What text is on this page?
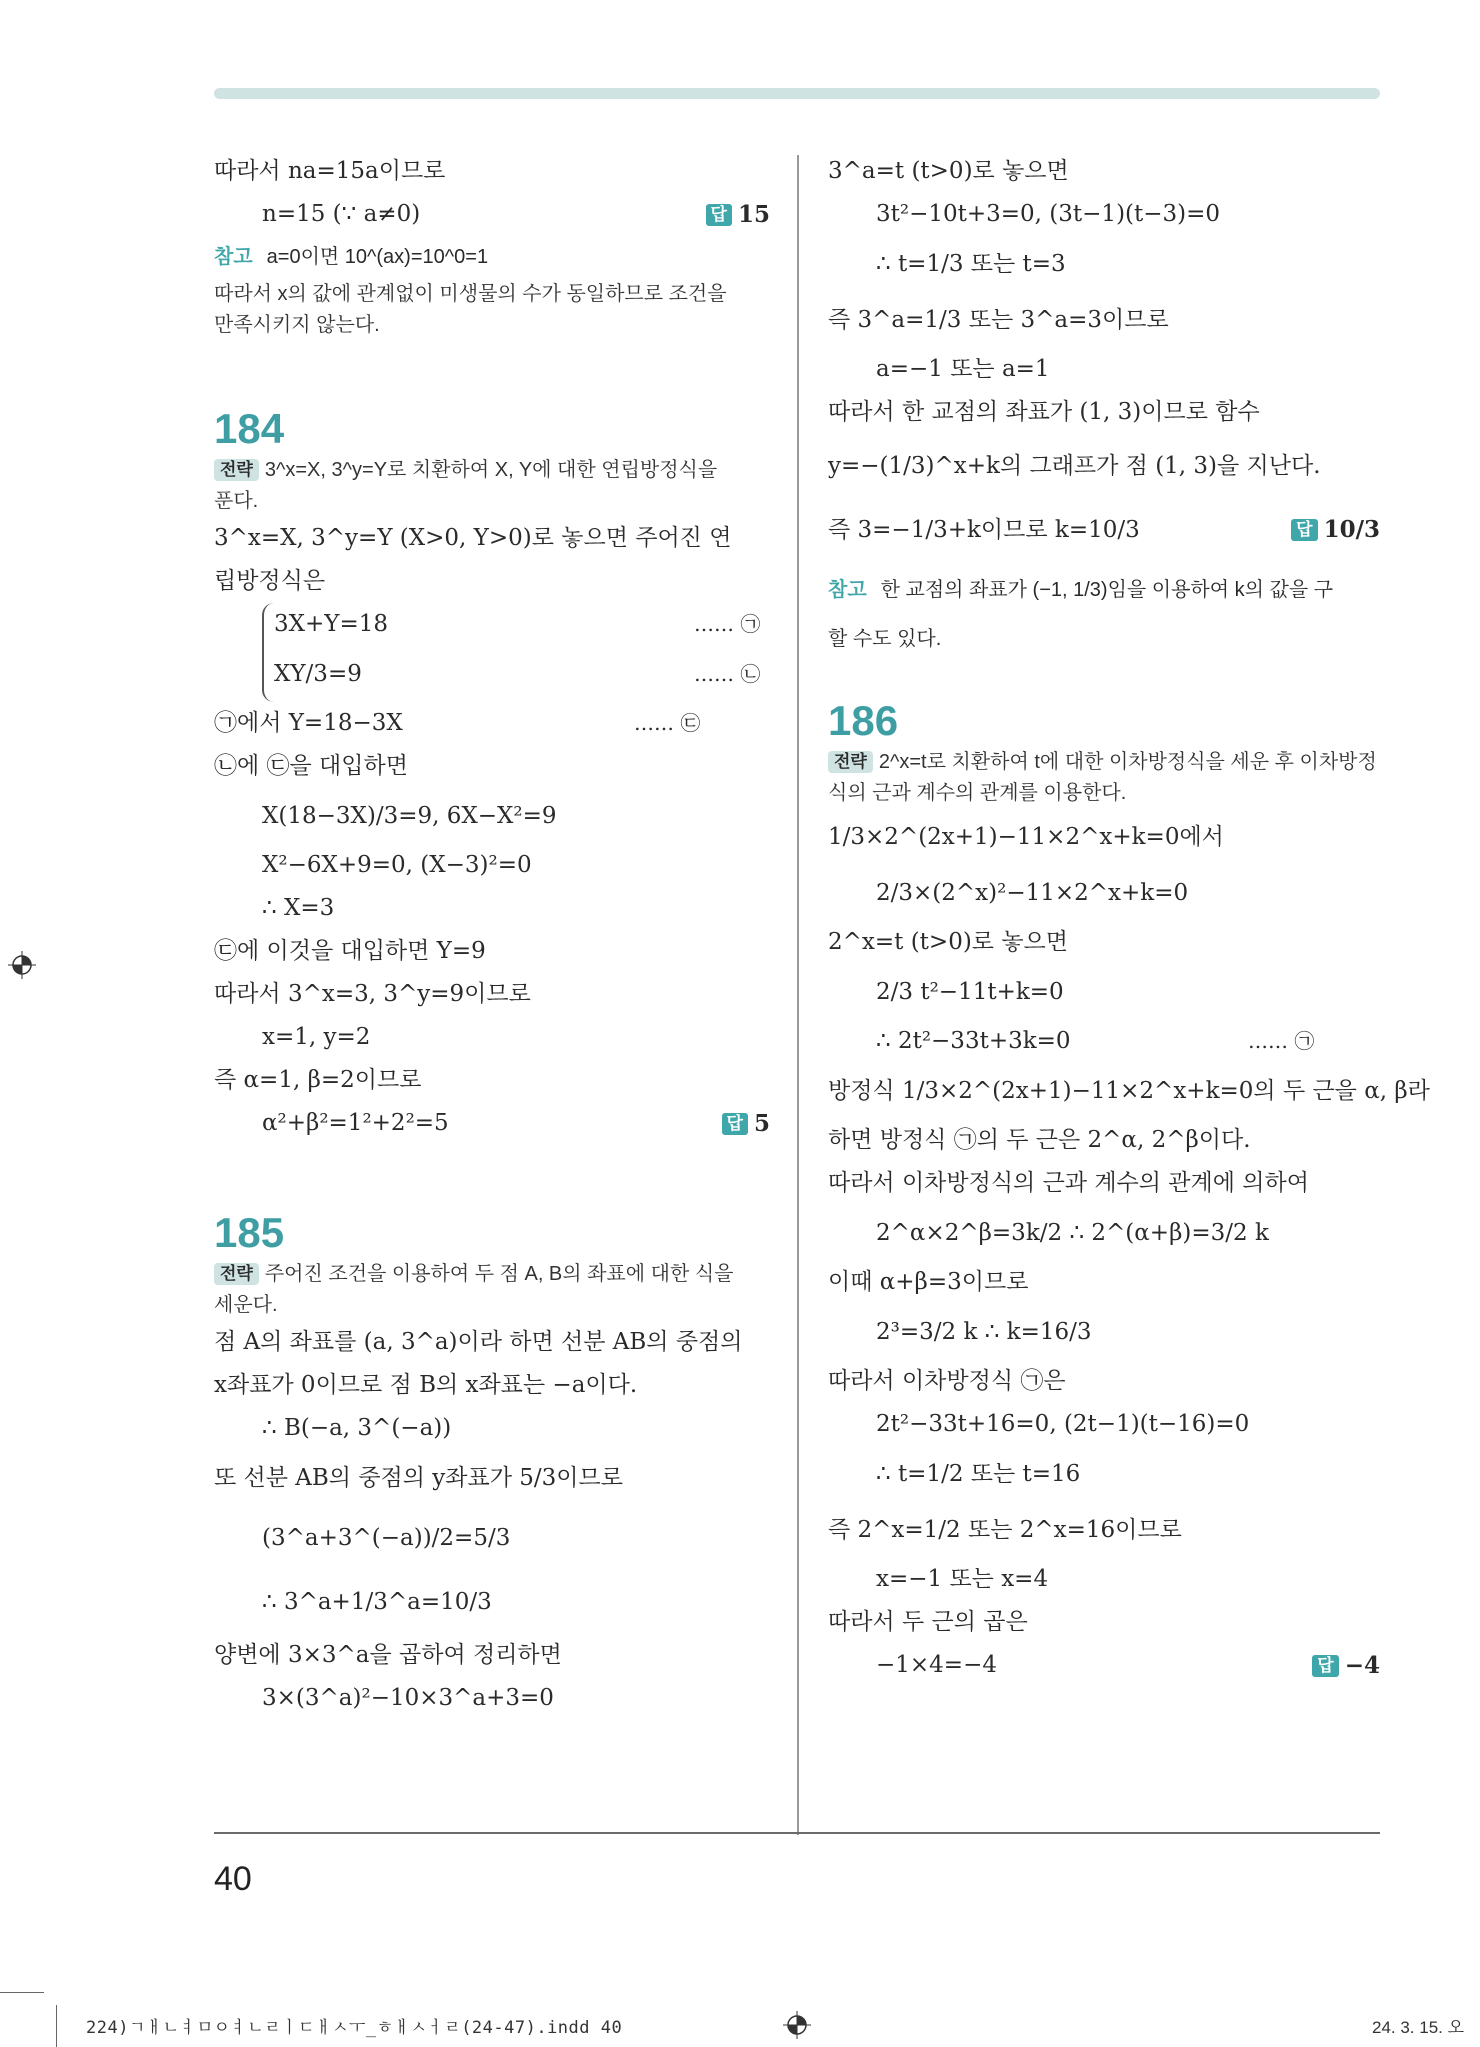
따라서 na=15a이므로
n=15 (∵ a≠0)	답 15
참고 a=0이면 10^(ax)=10^0=1
따라서 x의 값에 관계없이 미생물의 수가 동일하므로 조건을
만족시키지 않는다.
184
전략 3^x=X, 3^y=Y로 치환하여 X, Y에 대한 연립방정식을
푼다.
3^x=X, 3^y=Y (X>0, Y>0)로 놓으면 주어진 연
립방정식은
3X+Y=18	…… ㉠
XY/3=9	…… ㉡
㉠에서 Y=18−3X	…… ㉢
㉡에 ㉢을 대입하면
X(18−3X)/3=9, 6X−X²=9
X²−6X+9=0, (X−3)²=0
∴ X=3
㉢에 이것을 대입하면 Y=9
따라서 3^x=3, 3^y=9이므로
x=1, y=2
즉 α=1, β=2이므로
α²+β²=1²+2²=5	답 5
185
전략 주어진 조건을 이용하여 두 점 A, B의 좌표에 대한 식을
세운다.
점 A의 좌표를 (a, 3^a)이라 하면 선분 AB의 중점의
x좌표가 0이므로 점 B의 x좌표는 −a이다.
∴ B(−a, 3^(−a))
또 선분 AB의 중점의 y좌표가 5/3이므로
(3^a+3^(−a))/2=5/3
∴ 3^a+1/3^a=10/3
양변에 3×3^a을 곱하여 정리하면
3×(3^a)²−10×3^a+3=0
3^a=t (t>0)로 놓으면
3t²−10t+3=0, (3t−1)(t−3)=0
∴ t=1/3 또는 t=3
즉 3^a=1/3 또는 3^a=3이므로
a=−1 또는 a=1
따라서 한 교점의 좌표가 (1, 3)이므로 함수
y=−(1/3)^x+k의 그래프가 점 (1, 3)을 지난다.
즉 3=−1/3+k이므로 k=10/3	답 10/3
참고 한 교점의 좌표가 (−1, 1/3)임을 이용하여 k의 값을 구
할 수도 있다.
186
전략 2^x=t로 치환하여 t에 대한 이차방정식을 세운 후 이차방정
식의 근과 계수의 관계를 이용한다.
1/3×2^(2x+1)−11×2^x+k=0에서
2/3×(2^x)²−11×2^x+k=0
2^x=t (t>0)로 놓으면
2/3 t²−11t+k=0
∴ 2t²−33t+3k=0	…… ㉠
방정식 1/3×2^(2x+1)−11×2^x+k=0의 두 근을 α, β라
하면 방정식 ㉠의 두 근은 2^α, 2^β이다.
따라서 이차방정식의 근과 계수의 관계에 의하여
2^α×2^β=3k/2 ∴ 2^(α+β)=3/2 k
이때 α+β=3이므로
2³=3/2 k ∴ k=16/3
따라서 이차방정식 ㉠은
2t²−33t+16=0, (2t−1)(t−16)=0
∴ t=1/2 또는 t=16
즉 2^x=1/2 또는 2^x=16이므로
x=−1 또는 x=4
따라서 두 근의 곱은
−1×4=−4	답 −4
40
224)ㄱㅐㄴㅕㅁㅇㅕㄴㄹㅣㄷㅐㅅㅜ_ㅎㅐㅅㅓㄹ(24-47).indd 40	24. 3. 15. 오
